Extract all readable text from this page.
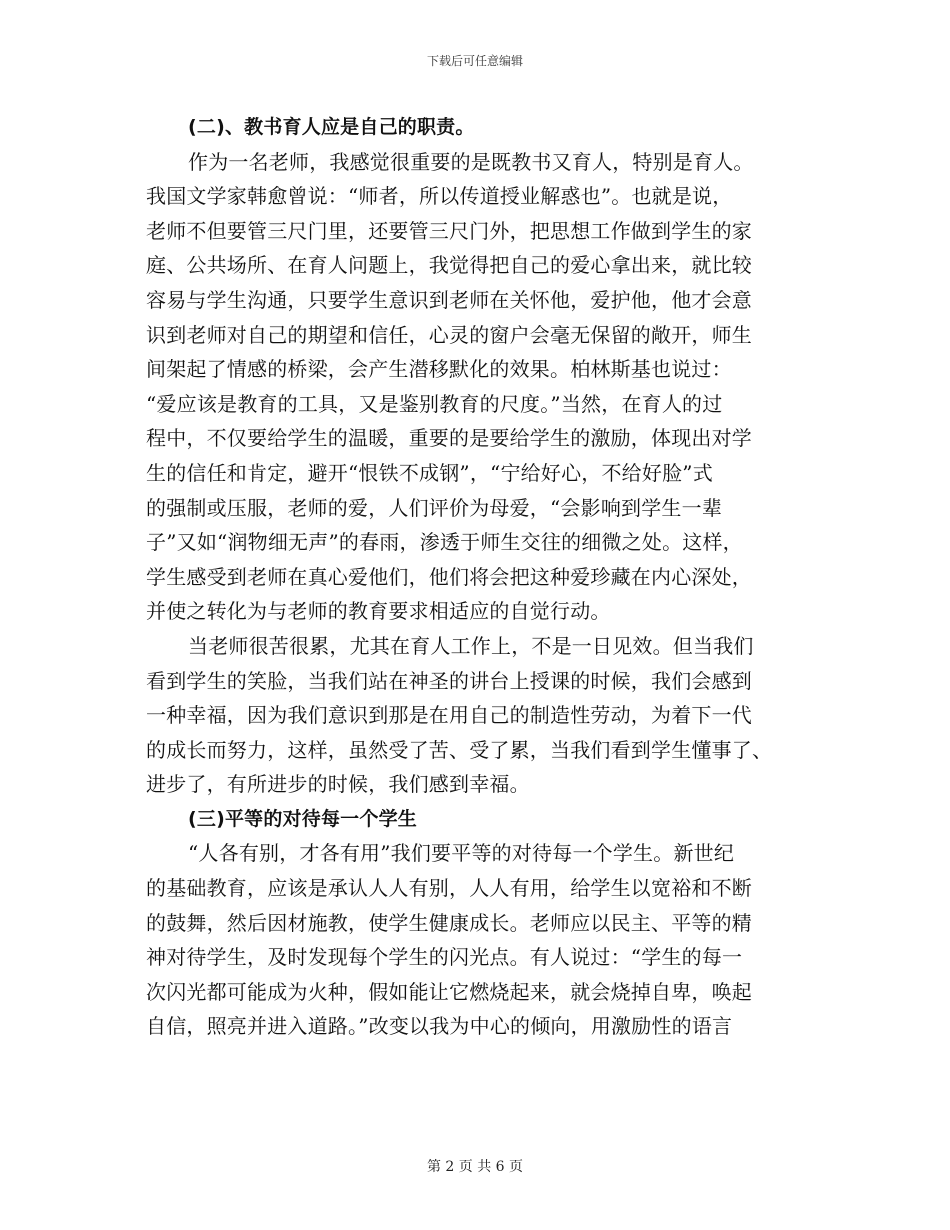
下载后可任意编辑
(二)、教书育人应是自己的职责。
作为一名老师，我感觉很重要的是既教书又育人，特别是育人。
我国文学家韩愈曾说：“师者，所以传道授业解惑也”。也就是说，
老师不但要管三尺门里，还要管三尺门外，把思想工作做到学生的家
庭、公共场所、在育人问题上，我觉得把自己的爱心拿出来，就比较
容易与学生沟通，只要学生意识到老师在关怀他，爱护他，他才会意
识到老师对自己的期望和信任，心灵的窗户会毫无保留的敞开，师生
间架起了情感的桥梁，会产生潜移默化的效果。柏林斯基也说过：
“爱应该是教育的工具，又是鉴别教育的尺度。”当然，在育人的过
程中，不仅要给学生的温暖，重要的是要给学生的激励，体现出对学
生的信任和肯定，避开“恨铁不成钢”，“宁给好心，不给好脸”式
的强制或压服，老师的爱，人们评价为母爱，“会影响到学生一辈
子”又如“润物细无声”的春雨，渗透于师生交往的细微之处。这样，
学生感受到老师在真心爱他们，他们将会把这种爱珍藏在内心深处，
并使之转化为与老师的教育要求相适应的自觉行动。
当老师很苦很累，尤其在育人工作上，不是一日见效。但当我们
看到学生的笑脸，当我们站在神圣的讲台上授课的时候，我们会感到
一种幸福，因为我们意识到那是在用自己的制造性劳动，为着下一代
的成长而努力，这样，虽然受了苦、受了累，当我们看到学生懂事了、
进步了，有所进步的时候，我们感到幸福。
(三)平等的对待每一个学生
“人各有别，才各有用”我们要平等的对待每一个学生。新世纪
的基础教育，应该是承认人人有别，人人有用，给学生以宽裕和不断
的鼓舞，然后因材施教，使学生健康成长。老师应以民主、平等的精
神对待学生，及时发现每个学生的闪光点。有人说过：“学生的每一
次闪光都可能成为火种，假如能让它燃烧起来，就会烧掉自卑，唤起
自信，照亮并进入道路。”改变以我为中心的倾向，用激励性的语言
第 2 页 共 6 页
